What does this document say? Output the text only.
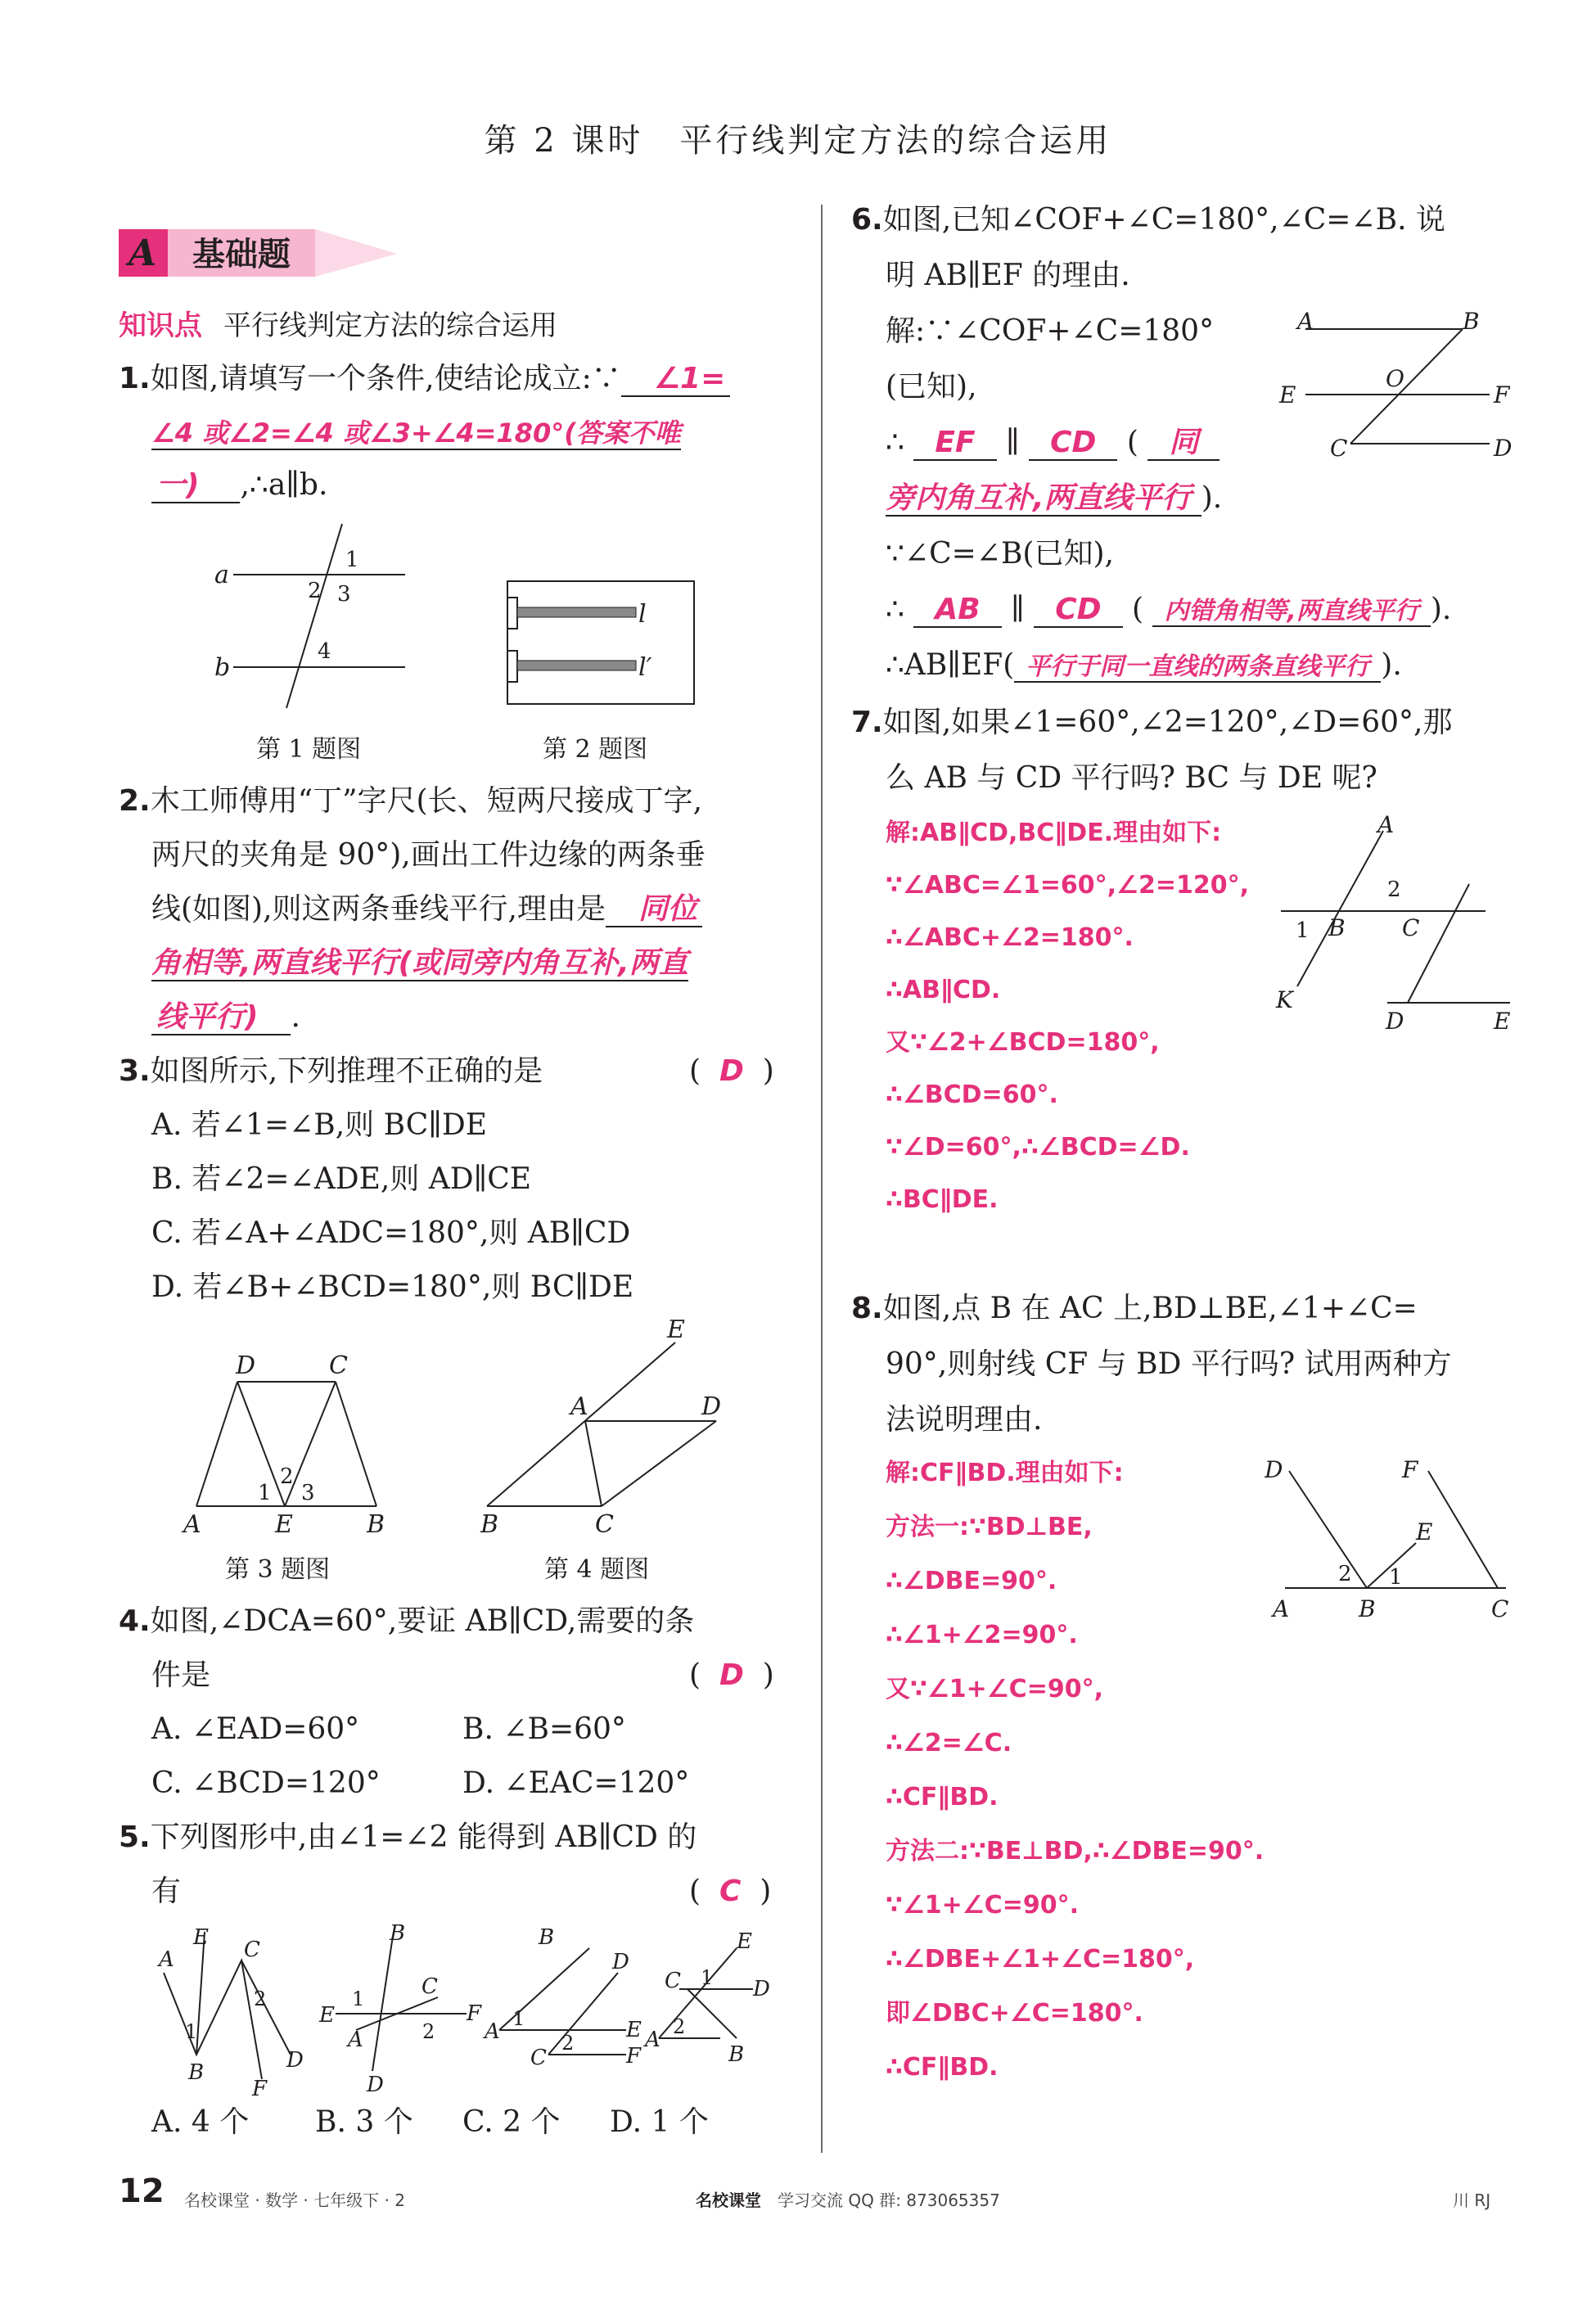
第 2 课时　平行线判定方法的综合运用
A 基础题
知识点 平行线判定方法的综合运用
1.如图,请填写一个条件,使结论成立:∵ ∠1=
∠4 或∠2=∠4 或∠3+∠4=180°(答案不唯
一) ,∴a∥b.
a
b
1
2 3
4
第 1 题图
l
l′
第 2 题图
2.木工师傅用“丁”字尺(长、短两尺接成丁字,
两尺的夹角是 90°),画出工件边缘的两条垂
线(如图),则这两条垂线平行,理由是 同位
角相等,两直线平行(或同旁内角互补,两直
线平行) .
3.如图所示,下列推理不正确的是	(  D  )
A. 若∠1=∠B,则 BC∥DE
B. 若∠2=∠ADE,则 AD∥CE
C. 若∠A+∠ADC=180°,则 AB∥CD
D. 若∠B+∠BCD=180°,则 BC∥DE
D	C
A	E	B
1
2
3
第 3 题图
E
A	D
B	C
第 4 题图
4.如图,∠DCA=60°,要证 AB∥CD,需要的条
件是	(  D  )
A. ∠EAD=60°	B. ∠B=60°
C. ∠BCD=120°	D. ∠EAC=120°
5.下列图形中,由∠1=∠2 能得到 AB∥CD 的
有	(  C  )
A
E C
B	D
F
1
2
E
B
A
C
F
D
1
2
B
D
A	E
C	F
1
2
E
C	D
A
B
1
2
A. 4 个 B. 3 个 C. 2 个 D. 1 个
6.如图,已知∠COF+∠C=180°,∠C=∠B. 说
明 AB∥EF 的理由.
解:∵∠COF+∠C=180°
(已知),
∴ EF ∥ CD ( 同
旁内角互补,两直线平行 ).
∵∠C=∠B(已知),
∴ AB ∥ CD ( 内错角相等,两直线平行 ).
∴AB∥EF( 平行于同一直线的两条直线平行 ).
A	B
E
O
F
C	D
7.如图,如果∠1=60°,∠2=120°,∠D=60°,那
么 AB 与 CD 平行吗? BC 与 DE 呢?
解:AB∥CD,BC∥DE.理由如下:
∵∠ABC=∠1=60°,∠2=120°,
∴∠ABC+∠2=180°.
∴AB∥CD.
又∵∠2+∠BCD=180°,
∴∠BCD=60°.
∵∠D=60°,∴∠BCD=∠D.
∴BC∥DE.
A
B C
K
D	E
1
2
8.如图,点 B 在 AC 上,BD⊥BE,∠1+∠C=
90°,则射线 CF 与 BD 平行吗? 试用两种方
法说明理由.
解:CF∥BD.理由如下:
方法一:∵BD⊥BE,
∴∠DBE=90°.
∴∠1+∠2=90°.
又∵∠1+∠C=90°,
∴∠2=∠C.
∴CF∥BD.
方法二:∵BE⊥BD,∴∠DBE=90°.
∵∠1+∠C=90°.
∴∠DBE+∠1+∠C=180°,
即∠DBC+∠C=180°.
∴CF∥BD.
D	F
E
A	B	C
1
2
12 名校课堂 · 数学 · 七年级下 · 2	名校课堂 学习交流 QQ 群: 873065357	川 RJ
